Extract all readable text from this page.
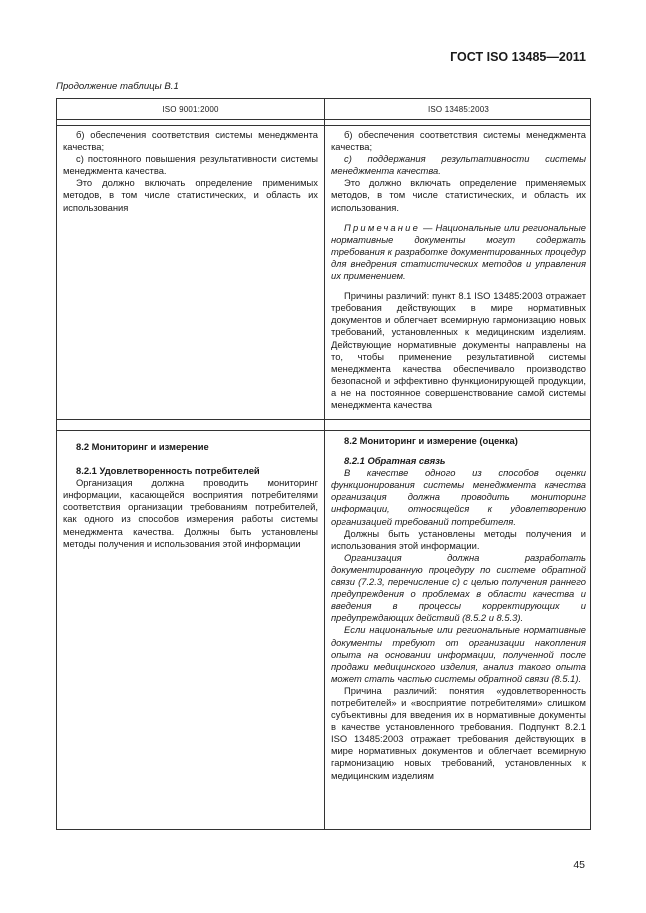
ГОСТ ISO 13485—2011
Продолжение таблицы В.1
ISO 9001:2000	ISO 13485:2003

б) обеспечения соответствия системы менеджмента качества;

с) постоянного повышения результативности системы менеджмента качества.

Это должно включать определение применимых методов, в том числе статистических, и область их использования

б) обеспечения соответствия системы менеджмента качества;

с) поддержания результативности системы менеджмента качества.

Это должно включать определение применяемых методов, в том числе статистических, и область их использования.

Примечание — Национальные или региональные нормативные документы могут содержать требования к разработке документированных процедур для внедрения статистических методов и управления их применением.

Причины различий: пункт 8.1 ISO 13485:2003 отражает требования действующих в мире нормативных документов и облегчает всемирную гармонизацию новых требований, установленных к медицинским изделиям. Действующие нормативные документы направлены на то, чтобы применение результативной системы менеджмента качества обеспечивало производство безопасной и эффективно функционирующей продукции, а не на постоянное совершенствование самой системы менеджмента качества

8.2 Мониторинг и измерение

8.2.1 Удовлетворенность потребителей

Организация должна проводить мониторинг информации, касающейся восприятия потребителями соответствия организации требованиям потребителей, как одного из способов измерения работы системы менеджмента качества. Должны быть установлены методы получения и использования этой информации

8.2 Мониторинг и измерение (оценка)

8.2.1 Обратная связь

В качестве одного из способов оценки функционирования системы менеджмента качества организация должна проводить мониторинг информации, относящейся к удовлетворению организацией требований потребителя.

Должны быть установлены методы получения и использования этой информации.

Организация должна разработать документированную процедуру по системе обратной связи (7.2.3, перечисление с) с целью получения раннего предупреждения о проблемах в области качества и введения в процессы корректирующих и предупреждающих действий (8.5.2 и 8.5.3).

Если национальные или региональные нормативные документы требуют от организации накопления опыта на основании информации, полученной после продажи медицинского изделия, анализ такого опыта может стать частью системы обратной связи (8.5.1).

Причина различий: понятия «удовлетворенность потребителей» и «восприятие потребителями» слишком субъективны для введения их в нормативные документы в качестве установленного требования. Подпункт 8.2.1 ISO 13485:2003 отражает требования действующих в мире нормативных документов и облегчает всемирную гармонизацию новых требований, установленных к медицинским изделиям

45
